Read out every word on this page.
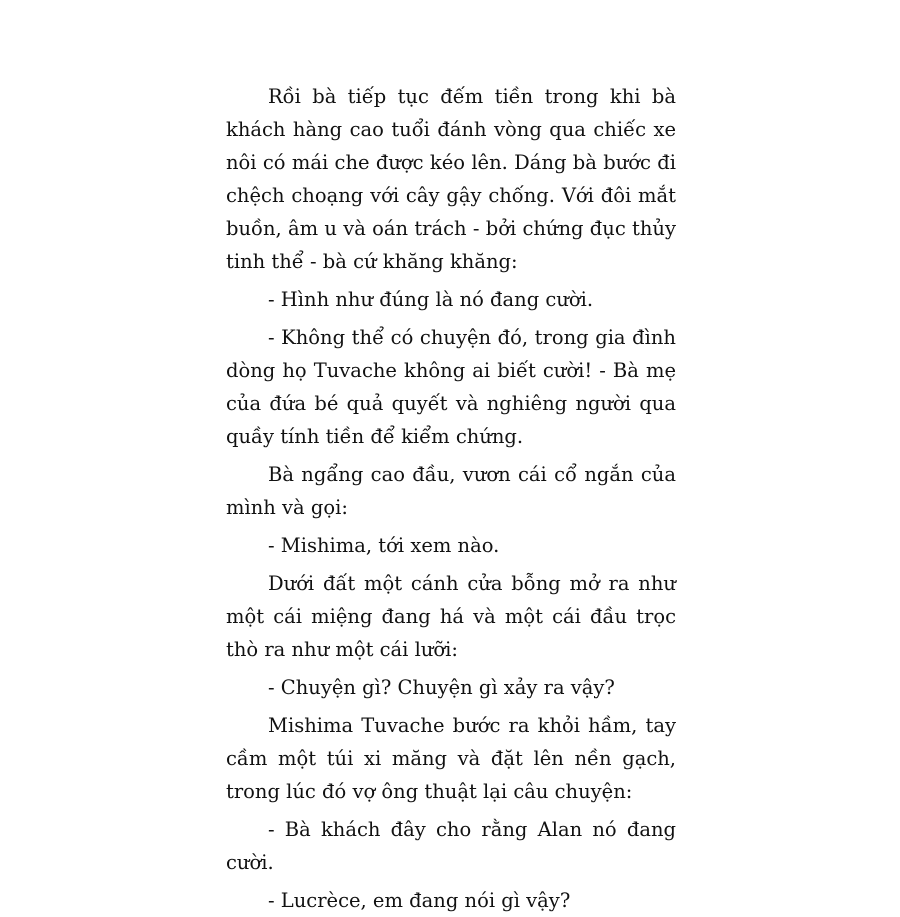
Rồi bà tiếp tục đếm tiền trong khi bà khách hàng cao tuổi đánh vòng qua chiếc xe nôi có mái che được kéo lên. Dáng bà bước đi chệch choạng với cây gậy chống. Với đôi mắt buồn, âm u và oán trách - bởi chứng đục thủy tinh thể - bà cứ khăng khăng:

- Hình như đúng là nó đang cười.

- Không thể có chuyện đó, trong gia đình dòng họ Tuvache không ai biết cười! - Bà mẹ của đứa bé quả quyết và nghiêng người qua quầy tính tiền để kiểm chứng.

Bà ngẩng cao đầu, vươn cái cổ ngắn của mình và gọi:

- Mishima, tới xem nào.

Dưới đất một cánh cửa bỗng mở ra như một cái miệng đang há và một cái đầu trọc thò ra như một cái lưỡi:

- Chuyện gì? Chuyện gì xảy ra vậy?

Mishima Tuvache bước ra khỏi hầm, tay cầm một túi xi măng và đặt lên nền gạch, trong lúc đó vợ ông thuật lại câu chuyện:

- Bà khách đây cho rằng Alan nó đang cười.

- Lucrèce, em đang nói gì vậy?
